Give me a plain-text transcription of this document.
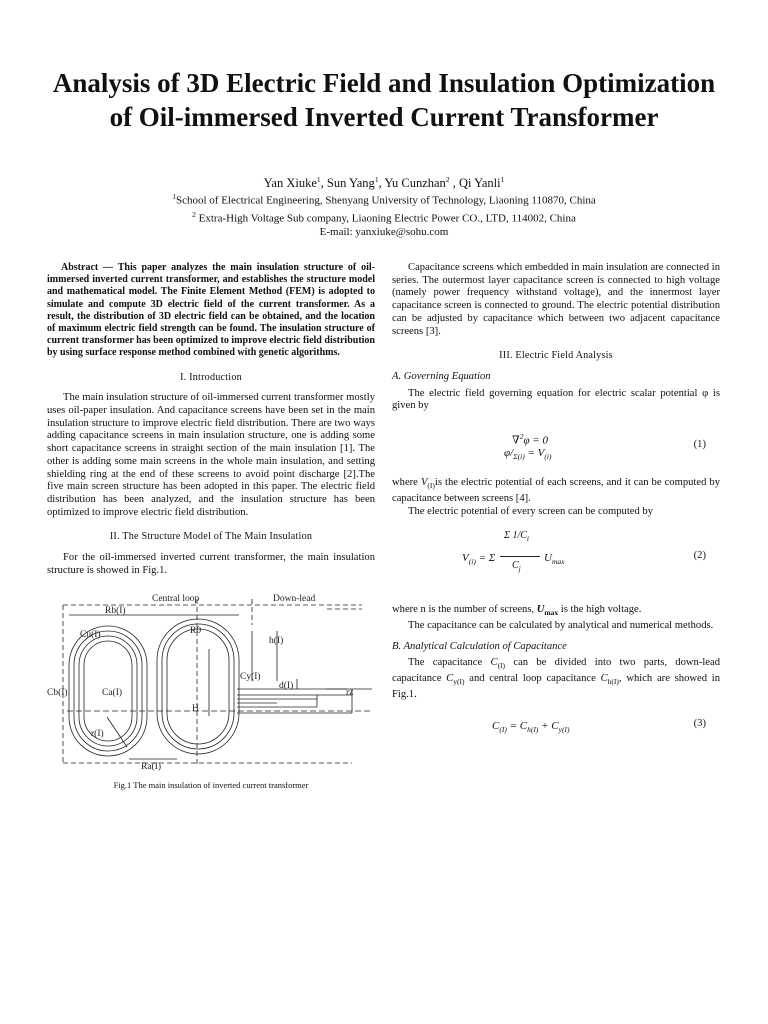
Analysis of 3D Electric Field and Insulation Optimization of Oil-immersed Inverted Current Transformer
Yan Xiuke$^1$, Sun Yang$^1$, Yu Cunzhan$^2$ , Qi Yanli$^1$
$^1$School of Electrical Engineering, Shenyang University of Technology, Liaoning 110870, China
$^2$ Extra-High Voltage Sub company, Liaoning Electric Power CO., LTD, 114002, China
E-mail: yanxiuke@sohu.com

Abstract — This paper analyzes the main insulation structure of oil-immersed inverted current transformer, and establishes the structure model and mathematical model. The Finite Element Method (FEM) is adopted to simulate and compute 3D electric field of the current transformer. As a result, the distribution of 3D electric field can be obtained, and the location of maximum electric field strength can be found. The insulation structure of current transformer has been optimized to improve electric field distribution by using surface response method combined with genetic algorithms.

I. Introduction

The main insulation structure of oil-immersed current transformer mostly uses oil-paper insulation. And capacitance screens have been set in the main insulation structure to improve electric field distribution. There are two ways adding capacitance screens in main insulation structure, one is adding some short capacitance screens in straight section of the main insulation [1]. The other is adding some main screens in the whole main insulation, and setting shielding ring at the end of these screens to avoid point discharge [2].The five main screen structure has been adopted in this paper. The electric field distribution has been analyzed, and the insulation structure has been optimized to improve electric field distribution.

II. The Structure Model of The Main Insulation

For the oil-immersed inverted current transformer, the main insulation structure is showed in Fig.1.

Central loop	Down-lead
Rb(I)
R0
Cu(I)
Cb(I)	Ca(I)
h(I)
Cy(I)
d(I)
H
r(I)
rz
Ra(I)
Fig.1 The main insulation of inverted current transformer

Capacitance screens which embedded in main insulation are connected in series. The outermost layer capacitance screen is connected to high voltage (namely power frequency withstand voltage), and the innermost layer capacitance screen is connected to ground. The electric potential distribution can be adjusted by capacitance which between two adjacent capacitance screens [3].

III. Electric Field Analysis
A. Governing Equation

The electric field governing equation for electric scalar potential φ is given by

∇$^2$φ = 0
$\varphi/_{\Sigma(i)} = V_{(i)}$
(1)

where $V_{(I)}is$ the electric potential of each screens, and it can be computed by capacitance between screens [4].

The electric potential of every screen can be computed by

$V_{(i)} = \Sigma$
Σ $1/C_i$
$C_j$
$U_{max}$
(2)

where n is the number of screens, $U_{max}$ is the high voltage.

The capacitance can be calculated by analytical and numerical methods.

B. Analytical Calculation of Capacitance

The capacitance $C_{(I)}$ can be divided into two parts, down-lead capacitance $C_{y(I)}$ and central loop capacitance $C_{h(I)}$, which are showed in Fig.1.

$C_{(I)} = C_{h(I)} + C_{y(I)}$
(3)
